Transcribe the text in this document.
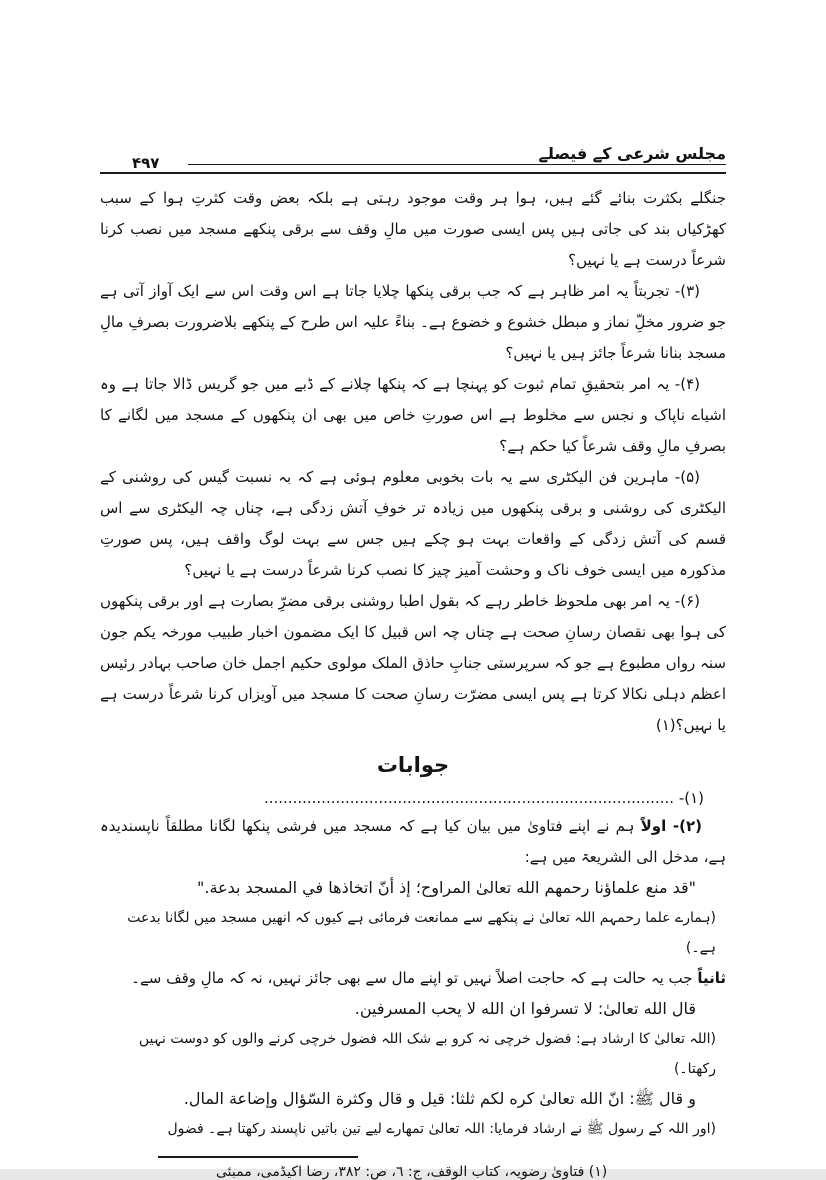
مجلس شرعی کے فیصلے
۴۹۷

جنگلے بکثرت بنائے گئے ہیں، ہوا ہر وقت موجود رہتی ہے بلکہ بعض وقت کثرتِ ہوا کے سبب کھڑکیاں بند کی جاتی ہیں پس ایسی صورت میں مالِ وقف سے برقی پنکھے مسجد میں نصب کرنا شرعاً درست ہے یا نہیں؟

(۳)- تجربتاً یہ امر ظاہر ہے کہ جب برقی پنکھا چلایا جاتا ہے اس وقت اس سے ایک آواز آتی ہے جو ضرور مخلِّ نماز و مبطل خشوع و خضوع ہے۔ بناءً علیہ اس طرح کے پنکھے بلاضرورت بصرفِ مالِ مسجد بنانا شرعاً جائز ہیں یا نہیں؟

(۴)- یہ امر بتحقیقِ تمام ثبوت کو پہنچا ہے کہ پنکھا چلانے کے ڈبے میں جو گریس ڈالا جاتا ہے وہ اشیاے ناپاک و نجس سے مخلوط ہے اس صورتِ خاص میں بھی ان پنکھوں کے مسجد میں لگانے کا بصرفِ مالِ وقف شرعاً کیا حکم ہے؟

(۵)- ماہرین فن الیکٹری سے یہ بات بخوبی معلوم ہوئی ہے کہ بہ نسبت گیس کی روشنی کے الیکٹری کی روشنی و برقی پنکھوں میں زیادہ تر خوفِ آتش زدگی ہے، چناں چہ الیکٹری سے اس قسم کی آتش زدگی کے واقعات بہت ہو چکے ہیں جس سے بہت لوگ واقف ہیں، پس صورتِ مذکورہ میں ایسی خوف ناک و وحشت آمیز چیز کا نصب کرنا شرعاً درست ہے یا نہیں؟

(۶)- یہ امر بھی ملحوظ خاطر رہے کہ بقول اطبا روشنی برقی مضرِّ بصارت ہے اور برقی پنکھوں کی ہوا بھی نقصان رسانِ صحت ہے چناں چہ اس قبیل کا ایک مضمون اخبار طبیب مورخہ یکم جون سنہ رواں مطبوع ہے جو کہ سرپرستی جنابِ حاذق الملک مولوی حکیم اجمل خان صاحب بہادر رئیس اعظم دہلی نکالا کرتا ہے پس ایسی مضرّت رسانِ صحت کا مسجد میں آویزاں کرنا شرعاً درست ہے یا نہیں؟(۱)

جوابات

(۱)- ......................................................................................

(۲)- اولاً ہم نے اپنے فتاویٰ میں بیان کیا ہے کہ مسجد میں فرشی پنکھا لگانا مطلقاً ناپسندیدہ ہے، مدخل الی الشریعۃ میں ہے:

"قد منع علماؤنا رحمهم الله تعالىٰ المراوح؛ إذ أنّ اتخاذها في المسجد بدعة."

(ہمارے علما رحمہم اللہ تعالیٰ نے پنکھے سے ممانعت فرمائی ہے کیوں کہ انھیں مسجد میں لگانا بدعت ہے۔)

ثانیاً جب یہ حالت ہے کہ حاجت اصلاً نہیں تو اپنے مال سے بھی جائز نہیں، نہ کہ مالِ وقف سے۔

قال الله تعالىٰ: لا تسرفوا ان الله لا يحب المسرفين.

(اللہ تعالیٰ کا ارشاد ہے: فضول خرچی نہ کرو بے شک اللہ فضول خرچی کرنے والوں کو دوست نہیں رکھتا۔)

و قال ﷺ: انّ الله تعالىٰ كره لكم ثلثا: قيل و قال وكثرة السّؤال وإضاعة المال.

(اور اللہ کے رسول ﷺ نے ارشاد فرمایا: اللہ تعالیٰ تمھارے لیے تین باتیں ناپسند رکھتا ہے۔ فضول

(۱) فتاویٰ رضویہ، کتاب الوقف، ج: ٦، ص: ٣٨٢، رضا اکیڈمی، ممبئی
